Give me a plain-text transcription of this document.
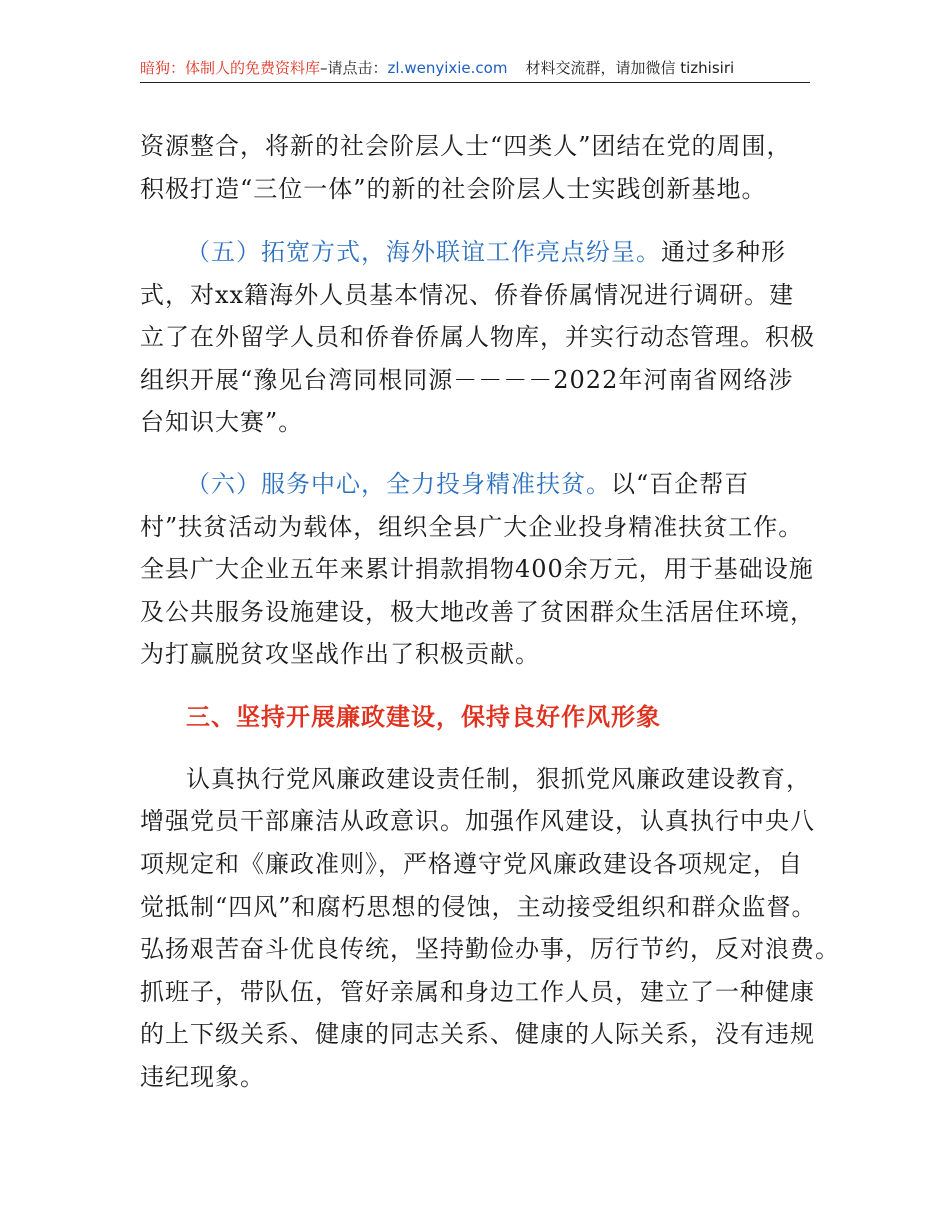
暗狗：体制人的免费资料库–请点击：zl.wenyixie.com 材料交流群，请加微信 tizhisiri
资源整合，将新的社会阶层人士“四类人”团结在党的周围，
积极打造“三位一体”的新的社会阶层人士实践创新基地。
（五）拓宽方式，海外联谊工作亮点纷呈。通过多种形
式，对xx籍海外人员基本情况、侨眷侨属情况进行调研。建
立了在外留学人员和侨眷侨属人物库，并实行动态管理。积极
组织开展“豫见台湾同根同源－－－－2022年河南省网络涉
台知识大赛”。
（六）服务中心，全力投身精准扶贫。以“百企帮百
村”扶贫活动为载体，组织全县广大企业投身精准扶贫工作。
全县广大企业五年来累计捐款捐物400余万元，用于基础设施
及公共服务设施建设，极大地改善了贫困群众生活居住环境，
为打赢脱贫攻坚战作出了积极贡献。
三、坚持开展廉政建设，保持良好作风形象
认真执行党风廉政建设责任制，狠抓党风廉政建设教育，
增强党员干部廉洁从政意识。加强作风建设，认真执行中央八
项规定和《廉政准则》，严格遵守党风廉政建设各项规定，自
觉抵制“四风”和腐朽思想的侵蚀，主动接受组织和群众监督。
弘扬艰苦奋斗优良传统，坚持勤俭办事，厉行节约，反对浪费。
抓班子，带队伍，管好亲属和身边工作人员，建立了一种健康
的上下级关系、健康的同志关系、健康的人际关系，没有违规
违纪现象。
